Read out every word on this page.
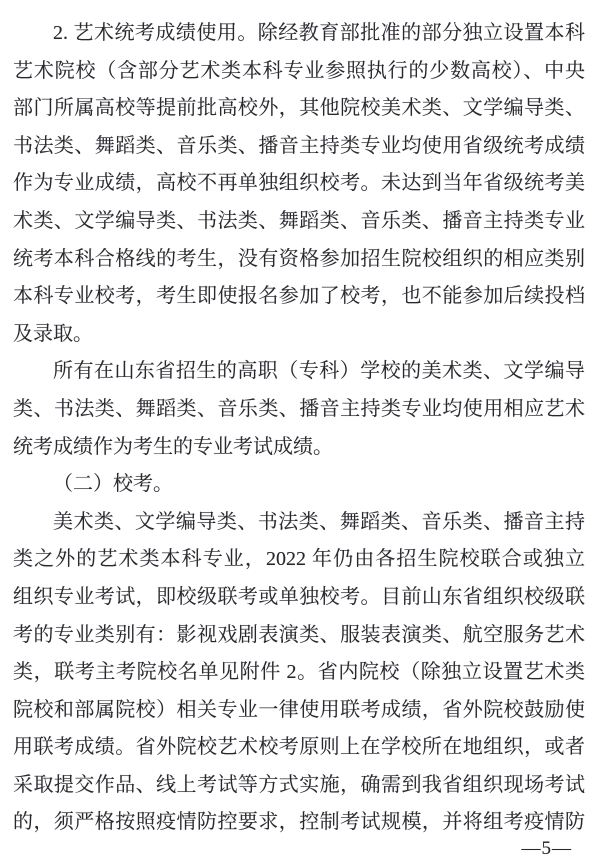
2. 艺术统考成绩使用。除经教育部批准的部分独立设置本科
艺术院校（含部分艺术类本科专业参照执行的少数高校）、中央
部门所属高校等提前批高校外，其他院校美术类、文学编导类、
书法类、舞蹈类、音乐类、播音主持类专业均使用省级统考成绩
作为专业成绩，高校不再单独组织校考。未达到当年省级统考美
术类、文学编导类、书法类、舞蹈类、音乐类、播音主持类专业
统考本科合格线的考生，没有资格参加招生院校组织的相应类别
本科专业校考，考生即使报名参加了校考，也不能参加后续投档
及录取。
所有在山东省招生的高职（专科）学校的美术类、文学编导
类、书法类、舞蹈类、音乐类、播音主持类专业均使用相应艺术
统考成绩作为考生的专业考试成绩。
（二）校考。
美术类、文学编导类、书法类、舞蹈类、音乐类、播音主持
类之外的艺术类本科专业，2022 年仍由各招生院校联合或独立
组织专业考试，即校级联考或单独校考。目前山东省组织校级联
考的专业类别有：影视戏剧表演类、服装表演类、航空服务艺术
类，联考主考院校名单见附件 2。省内院校（除独立设置艺术类
院校和部属院校）相关专业一律使用联考成绩，省外院校鼓励使
用联考成绩。省外院校艺术校考原则上在学校所在地组织，或者
采取提交作品、线上考试等方式实施，确需到我省组织现场考试
的，须严格按照疫情防控要求，控制考试规模，并将组考疫情防
—5—
